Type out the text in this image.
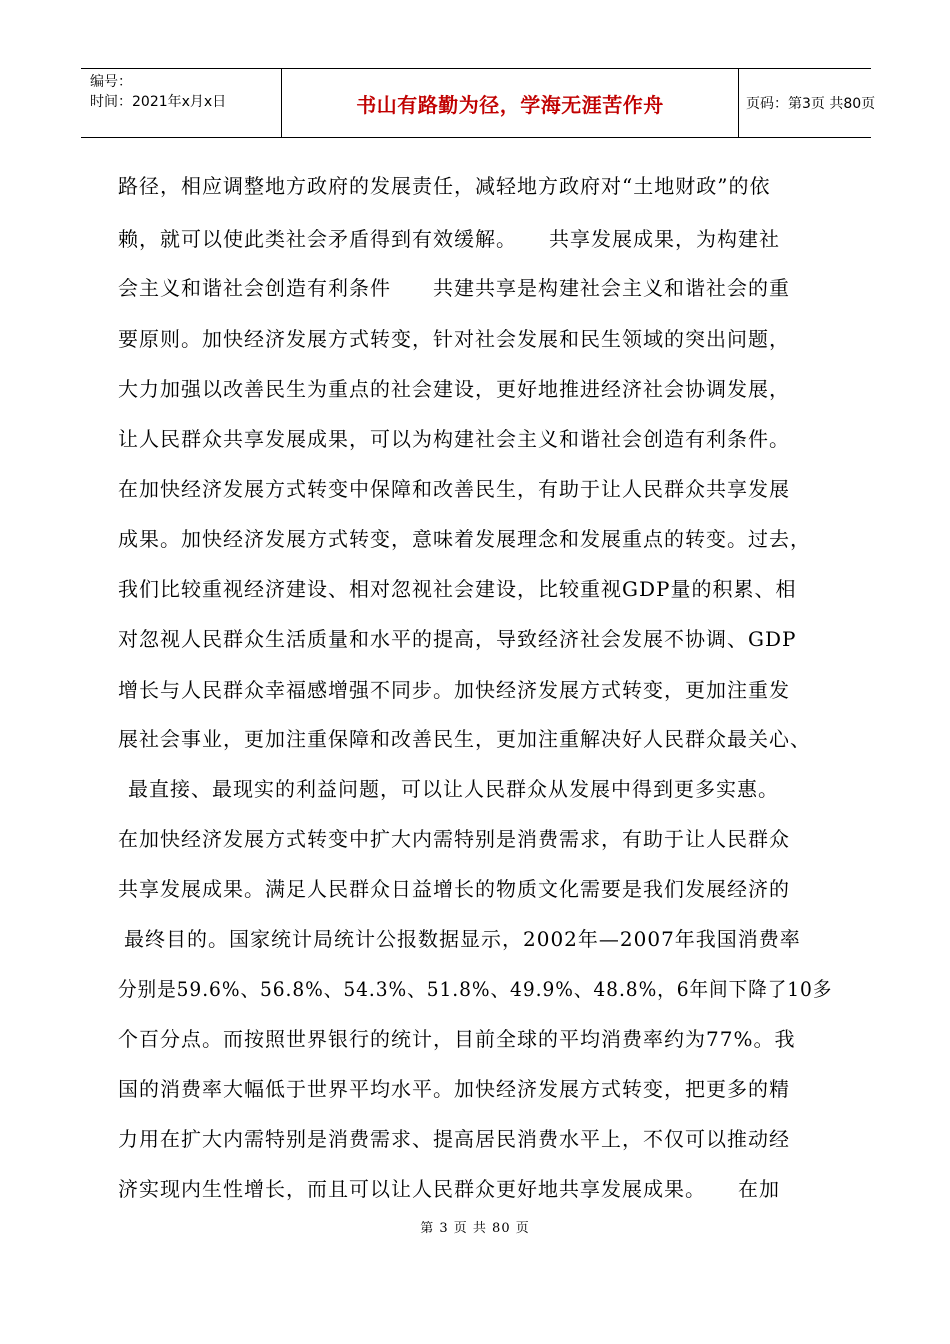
编号：
时间：2021年x月x日	书山有路勤为径，学海无涯苦作舟	页码：第3页 共80页
路径，相应调整地方政府的发展责任，减轻地方政府对“土地财政”的依
赖，就可以使此类社会矛盾得到有效缓解。　　共享发展成果，为构建社
会主义和谐社会创造有利条件　　共建共享是构建社会主义和谐社会的重
要原则。加快经济发展方式转变，针对社会发展和民生领域的突出问题，
大力加强以改善民生为重点的社会建设，更好地推进经济社会协调发展，
让人民群众共享发展成果，可以为构建社会主义和谐社会创造有利条件。
在加快经济发展方式转变中保障和改善民生，有助于让人民群众共享发展
成果。加快经济发展方式转变，意味着发展理念和发展重点的转变。过去，
我们比较重视经济建设、相对忽视社会建设，比较重视GDP量的积累、相
对忽视人民群众生活质量和水平的提高，导致经济社会发展不协调、GDP
增长与人民群众幸福感增强不同步。加快经济发展方式转变，更加注重发
展社会事业，更加注重保障和改善民生，更加注重解决好人民群众最关心、
最直接、最现实的利益问题，可以让人民群众从发展中得到更多实惠。
在加快经济发展方式转变中扩大内需特别是消费需求，有助于让人民群众
共享发展成果。满足人民群众日益增长的物质文化需要是我们发展经济的
最终目的。国家统计局统计公报数据显示，2002年—2007年我国消费率
分别是59.6%、56.8%、54.3%、51.8%、49.9%、48.8%，6年间下降了10多
个百分点。而按照世界银行的统计，目前全球的平均消费率约为77%。我
国的消费率大幅低于世界平均水平。加快经济发展方式转变，把更多的精
力用在扩大内需特别是消费需求、提高居民消费水平上，不仅可以推动经
济实现内生性增长，而且可以让人民群众更好地共享发展成果。　　在加
第 3 页 共 80 页
